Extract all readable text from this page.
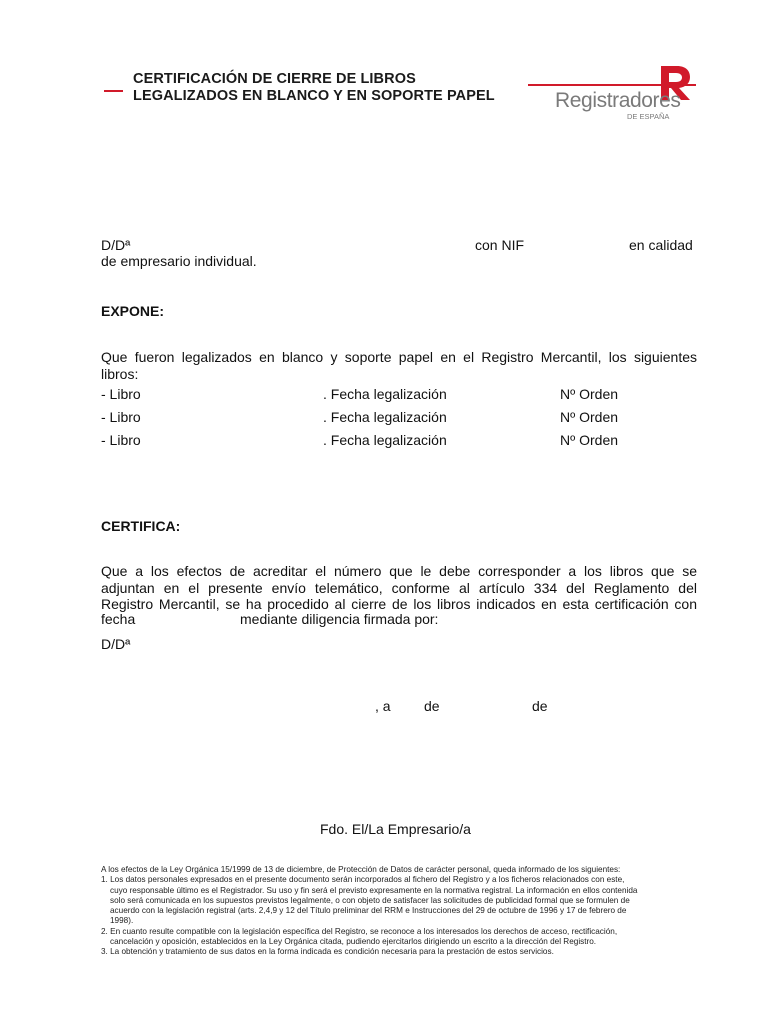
CERTIFICACIÓN DE CIERRE DE LIBROS
LEGALIZADOS EN BLANCO Y EN SOPORTE PAPEL	Registradores
DE ESPAÑA
D/Dª	con NIF	en calidad
de empresario individual.
EXPONE:
Que fueron legalizados en blanco y soporte papel en el Registro Mercantil, los siguientes
libros:
- Libro	. Fecha legalización	Nº Orden
- Libro	. Fecha legalización	Nº Orden
- Libro	. Fecha legalización	Nº Orden
CERTIFICA:
Que a los efectos de acreditar el número que le debe corresponder a los libros que se
adjuntan en el presente envío telemático, conforme al artículo 334 del Reglamento del
Registro Mercantil, se ha procedido al cierre de los libros indicados en esta certificación con
fecha	mediante diligencia firmada por:
D/Dª
, a de	de
Fdo. El/La Empresario/a
A los efectos de la Ley Orgánica 15/1999 de 13 de diciembre, de Protección de Datos de carácter personal, queda informado de los siguientes:
1. Los datos personales expresados en el presente documento serán incorporados al fichero del Registro y a los ficheros relacionados con este,
cuyo responsable último es el Registrador. Su uso y fin será el previsto expresamente en la normativa registral. La información en ellos contenida
solo será comunicada en los supuestos previstos legalmente, o con objeto de satisfacer las solicitudes de publicidad formal que se formulen de
acuerdo con la legislación registral (arts. 2,4,9 y 12 del Título preliminar del RRM e Instrucciones del 29 de octubre de 1996 y 17 de febrero de
1998).
2. En cuanto resulte compatible con la legislación específica del Registro, se reconoce a los interesados los derechos de acceso, rectificación,
cancelación y oposición, establecidos en la Ley Orgánica citada, pudiendo ejercitarlos dirigiendo un escrito a la dirección del Registro.
3. La obtención y tratamiento de sus datos en la forma indicada es condición necesaria para la prestación de estos servicios.
